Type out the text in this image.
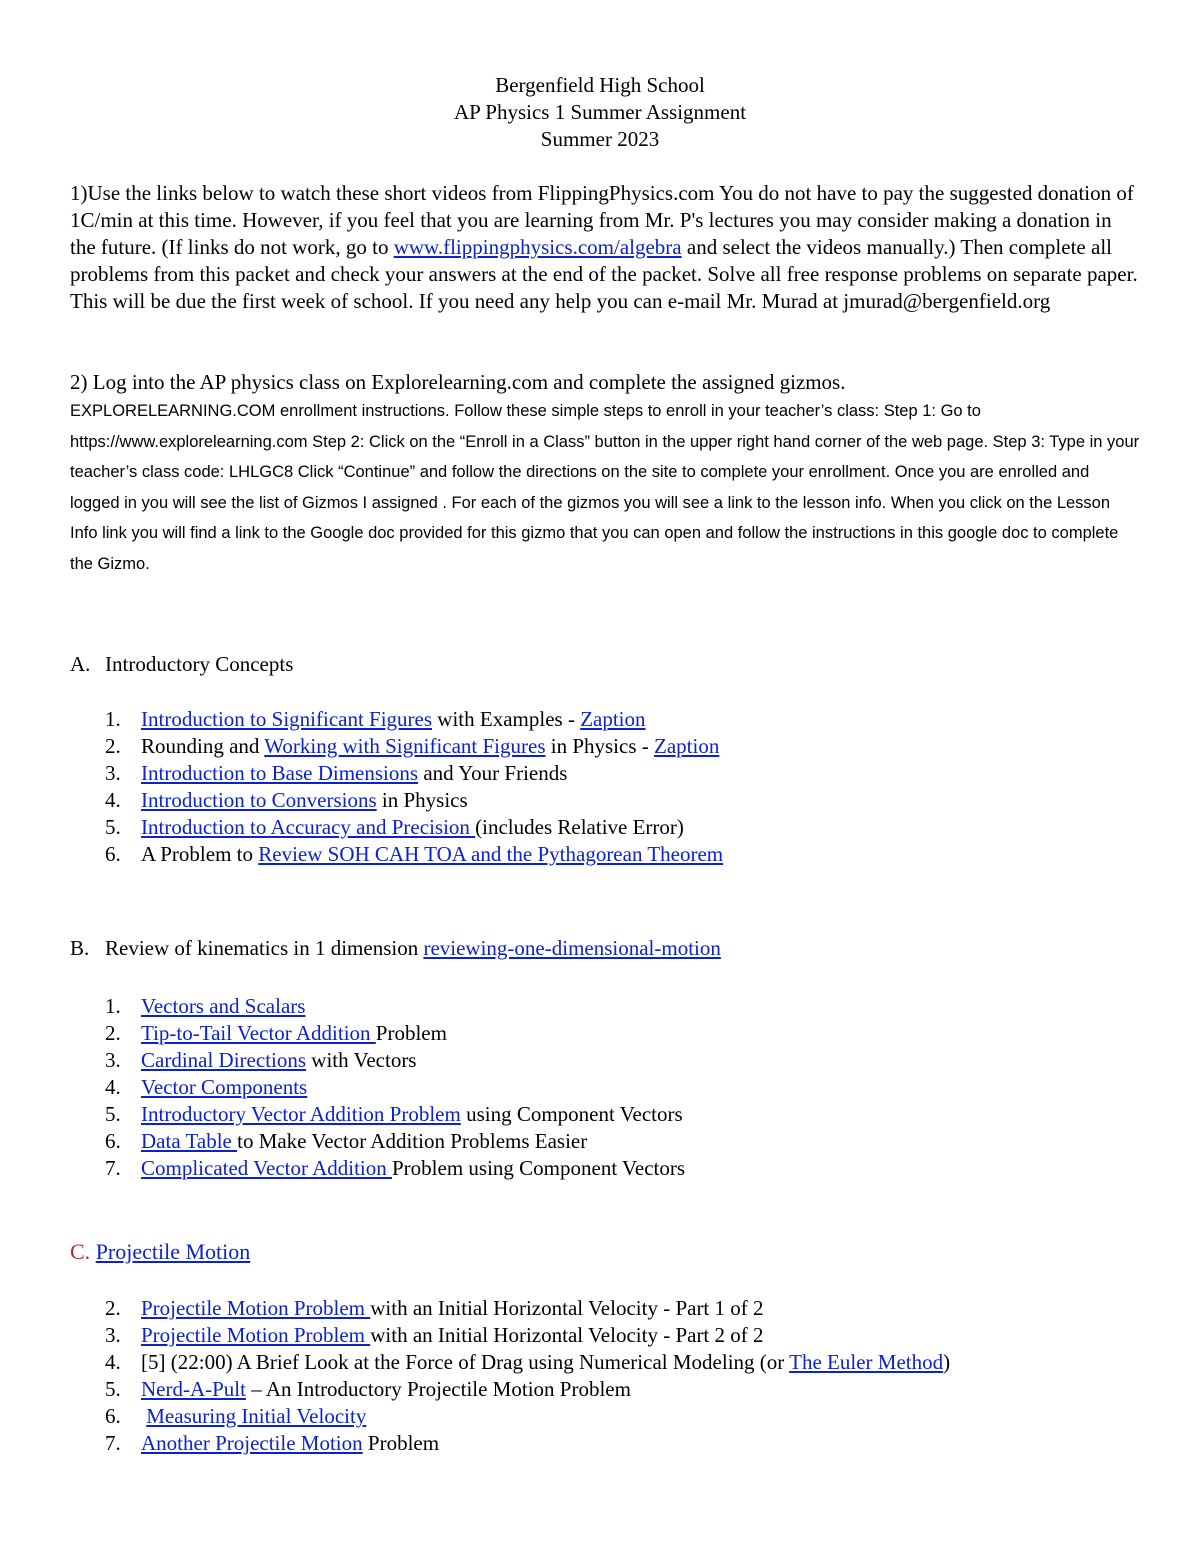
Bergenfield High School
AP Physics 1 Summer Assignment
Summer 2023
1)Use the links below to watch these short videos from FlippingPhysics.com You do not have to pay the suggested donation of 1C/min at this time. However, if you feel that you are learning from Mr. P's lectures you may consider making a donation in the future. (If links do not work, go to www.flippingphysics.com/algebra and select the videos manually.) Then complete all problems from this packet and check your answers at the end of the packet. Solve all free response problems on separate paper. This will be due the first week of school. If you need any help you can e-mail Mr. Murad at jmurad@bergenfield.org
2) Log into the AP physics class on Explorelearning.com and complete the assigned gizmos.
EXPLORELEARNING.COM enrollment instructions. Follow these simple steps to enroll in your teacher’s class: Step 1: Go to https://www.explorelearning.com Step 2: Click on the “Enroll in a Class” button in the upper right hand corner of the web page. Step 3: Type in your teacher’s class code: LHLGC8 Click “Continue” and follow the directions on the site to complete your enrollment. Once you are enrolled and logged in you will see the list of Gizmos I assigned . For each of the gizmos you will see a link to the lesson info. When you click on the Lesson Info link you will find a link to the Google doc provided for this gizmo that you can open and follow the instructions in this google doc to complete the Gizmo.
A. Introductory Concepts
1. Introduction to Significant Figures with Examples - Zaption
2. Rounding and Working with Significant Figures in Physics - Zaption
3. Introduction to Base Dimensions and Your Friends
4. Introduction to Conversions in Physics
5. Introduction to Accuracy and Precision (includes Relative Error)
6. A Problem to Review SOH CAH TOA and the Pythagorean Theorem
B. Review of kinematics in 1 dimension reviewing-one-dimensional-motion
1. Vectors and Scalars
2. Tip-to-Tail Vector Addition Problem
3. Cardinal Directions with Vectors
4. Vector Components
5. Introductory Vector Addition Problem using Component Vectors
6. Data Table to Make Vector Addition Problems Easier
7. Complicated Vector Addition Problem using Component Vectors
C. Projectile Motion
2. Projectile Motion Problem with an Initial Horizontal Velocity - Part 1 of 2
3. Projectile Motion Problem with an Initial Horizontal Velocity - Part 2 of 2
4. [5] (22:00) A Brief Look at the Force of Drag using Numerical Modeling (or The Euler Method)
5. Nerd-A-Pult – An Introductory Projectile Motion Problem
6.	Measuring Initial Velocity
7. Another Projectile Motion Problem
